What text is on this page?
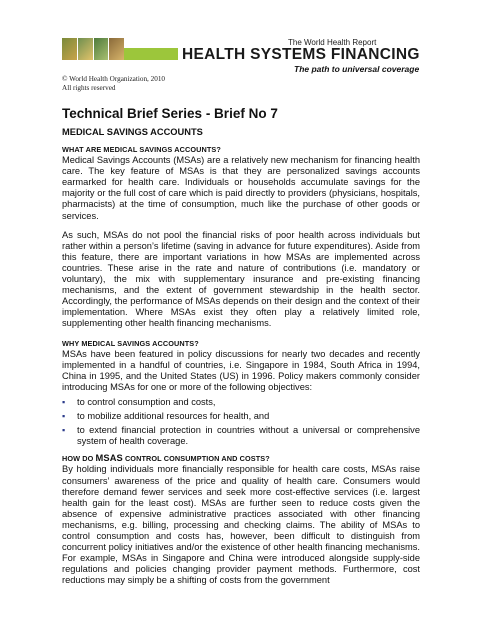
The World Health Report
HEALTH SYSTEMS FINANCING
The path to universal coverage
© World Health Organization, 2010
All rights reserved
Technical Brief Series - Brief No 7
MEDICAL SAVINGS ACCOUNTS
WHAT ARE MEDICAL SAVINGS ACCOUNTS?

Medical Savings Accounts (MSAs) are a relatively new mechanism for financing health care. The key feature of MSAs is that they are personalized savings accounts earmarked for health care. Individuals or households accumulate savings for the majority or the full cost of care which is paid directly to providers (physicians, hospitals, pharmacists) at the time of consumption, much like the purchase of other goods or services.

As such, MSAs do not pool the financial risks of poor health across individuals but rather within a person’s lifetime (saving in advance for future expenditures). Aside from this feature, there are important variations in how MSAs are implemented across countries. These arise in the rate and nature of contributions (i.e. mandatory or voluntary), the mix with supplementary insurance and pre-existing financing mechanisms, and the extent of government stewardship in the health sector. Accordingly, the performance of MSAs depends on their design and the context of their implementation. Where MSAs exist they often play a relatively limited role, supplementing other health financing mechanisms.

WHY MEDICAL SAVINGS ACCOUNTS?

MSAs have been featured in policy discussions for nearly two decades and recently implemented in a handful of countries, i.e. Singapore in 1984, South Africa in 1994, China in 1995, and the United States (US) in 1996. Policy makers commonly consider introducing MSAs for one or more of the following objectives:

▪ to control consumption and costs,
▪ to mobilize additional resources for health, and
▪ to extend financial protection in countries without a universal or comprehensive system of health coverage.
HOW DO MSAS CONTROL CONSUMPTION AND COSTS?

By holding individuals more financially responsible for health care costs, MSAs raise consumers’ awareness of the price and quality of health care. Consumers would therefore demand fewer services and seek more cost-effective services (i.e. largest health gain for the least cost). MSAs are further seen to reduce costs given the absence of expensive administrative practices associated with other financing mechanisms, e.g. billing, processing and checking claims. The ability of MSAs to control consumption and costs has, however, been difficult to distinguish from concurrent policy initiatives and/or the existence of other health financing mechanisms. For example, MSAs in Singapore and China were introduced alongside supply-side regulations and policies changing provider payment methods. Furthermore, cost reductions may simply be a shifting of costs from the government
